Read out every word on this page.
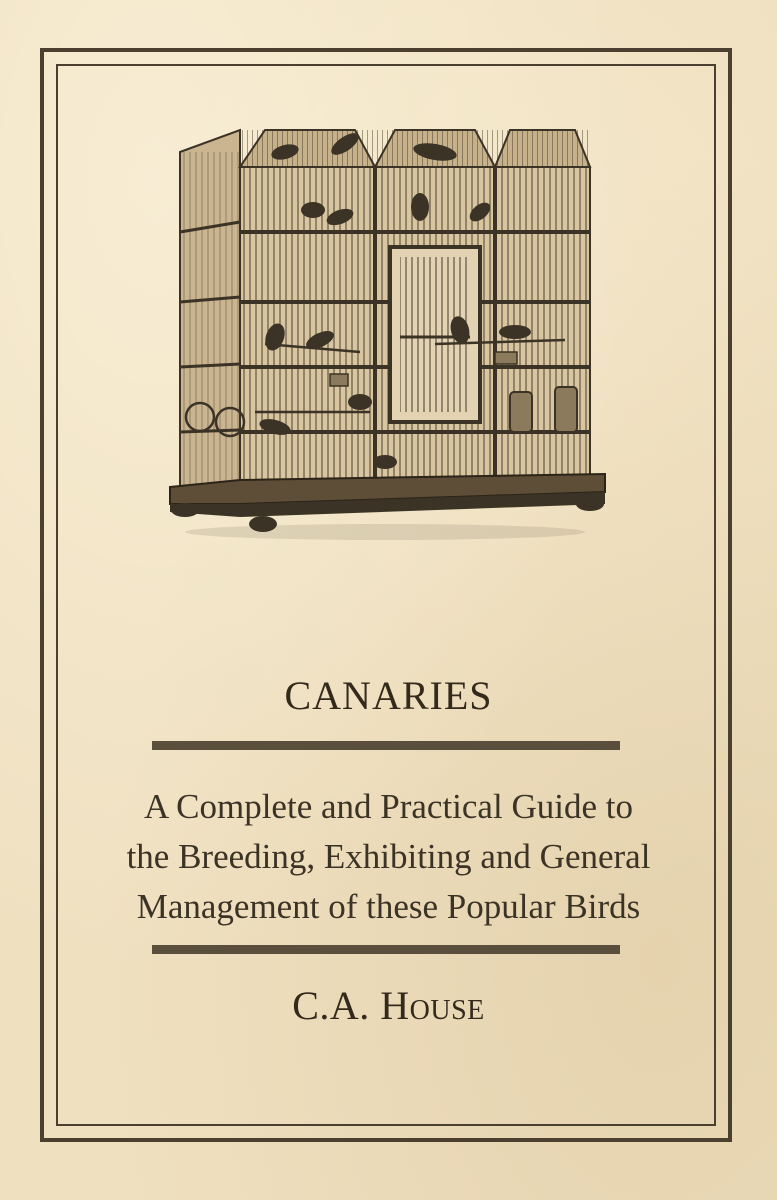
CANARIES
A Complete and Practical Guide to
the Breeding, Exhibiting and General
Management of these Popular Birds
C.A. House
